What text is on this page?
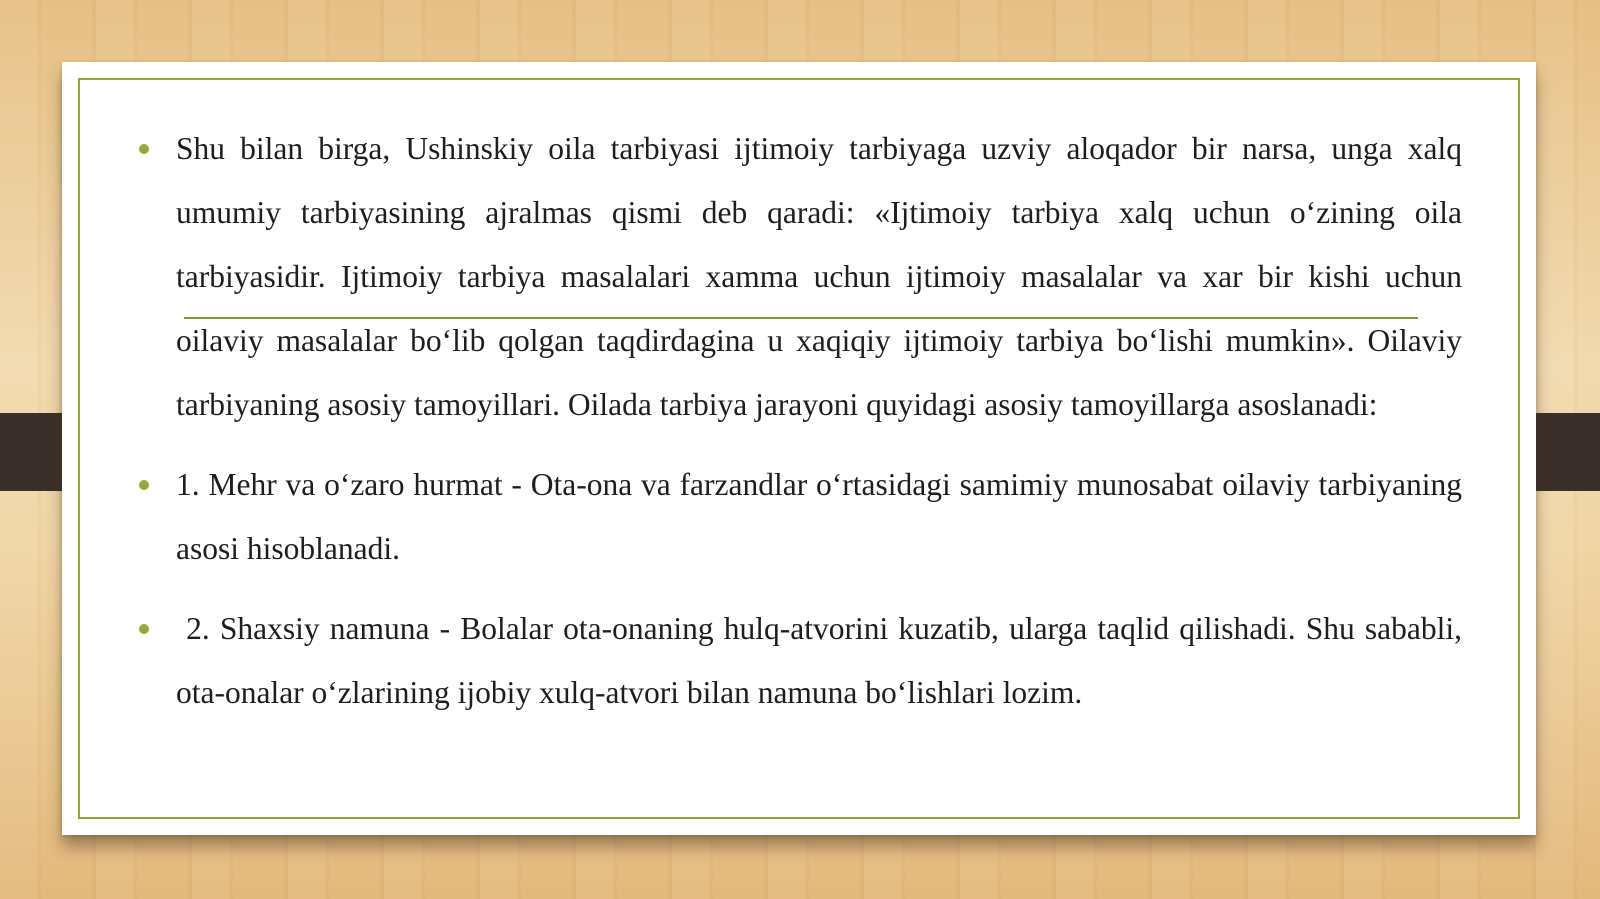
Shu bilan birga, Ushinskiy oila tarbiyasi ijtimoiy tarbiyaga uzviy aloqador bir narsa, unga xalq umumiy tarbiyasining ajralmas qismi deb qaradi: «Ijtimoiy tarbiya xalq uchun o‘zining oila tarbiyasidir. Ijtimoiy tarbiya masalalari xamma uchun ijtimoiy masalalar va xar bir kishi uchun oilaviy masalalar bo‘lib qolgan taqdirdagina u xaqiqiy ijtimoiy tarbiya bo‘lishi mumkin». Oilaviy tarbiyaning asosiy tamoyillari. Oilada tarbiya jarayoni quyidagi asosiy tamoyillarga asoslanadi:
1. Mehr va o‘zaro hurmat - Ota-ona va farzandlar o‘rtasidagi samimiy munosabat oilaviy tarbiyaning asosi hisoblanadi.
2. Shaxsiy namuna - Bolalar ota-onaning hulq-atvorini kuzatib, ularga taqlid qilishadi. Shu sababli, ota-onalar o‘zlarining ijobiy xulq-atvori bilan namuna bo‘lishlari lozim.
